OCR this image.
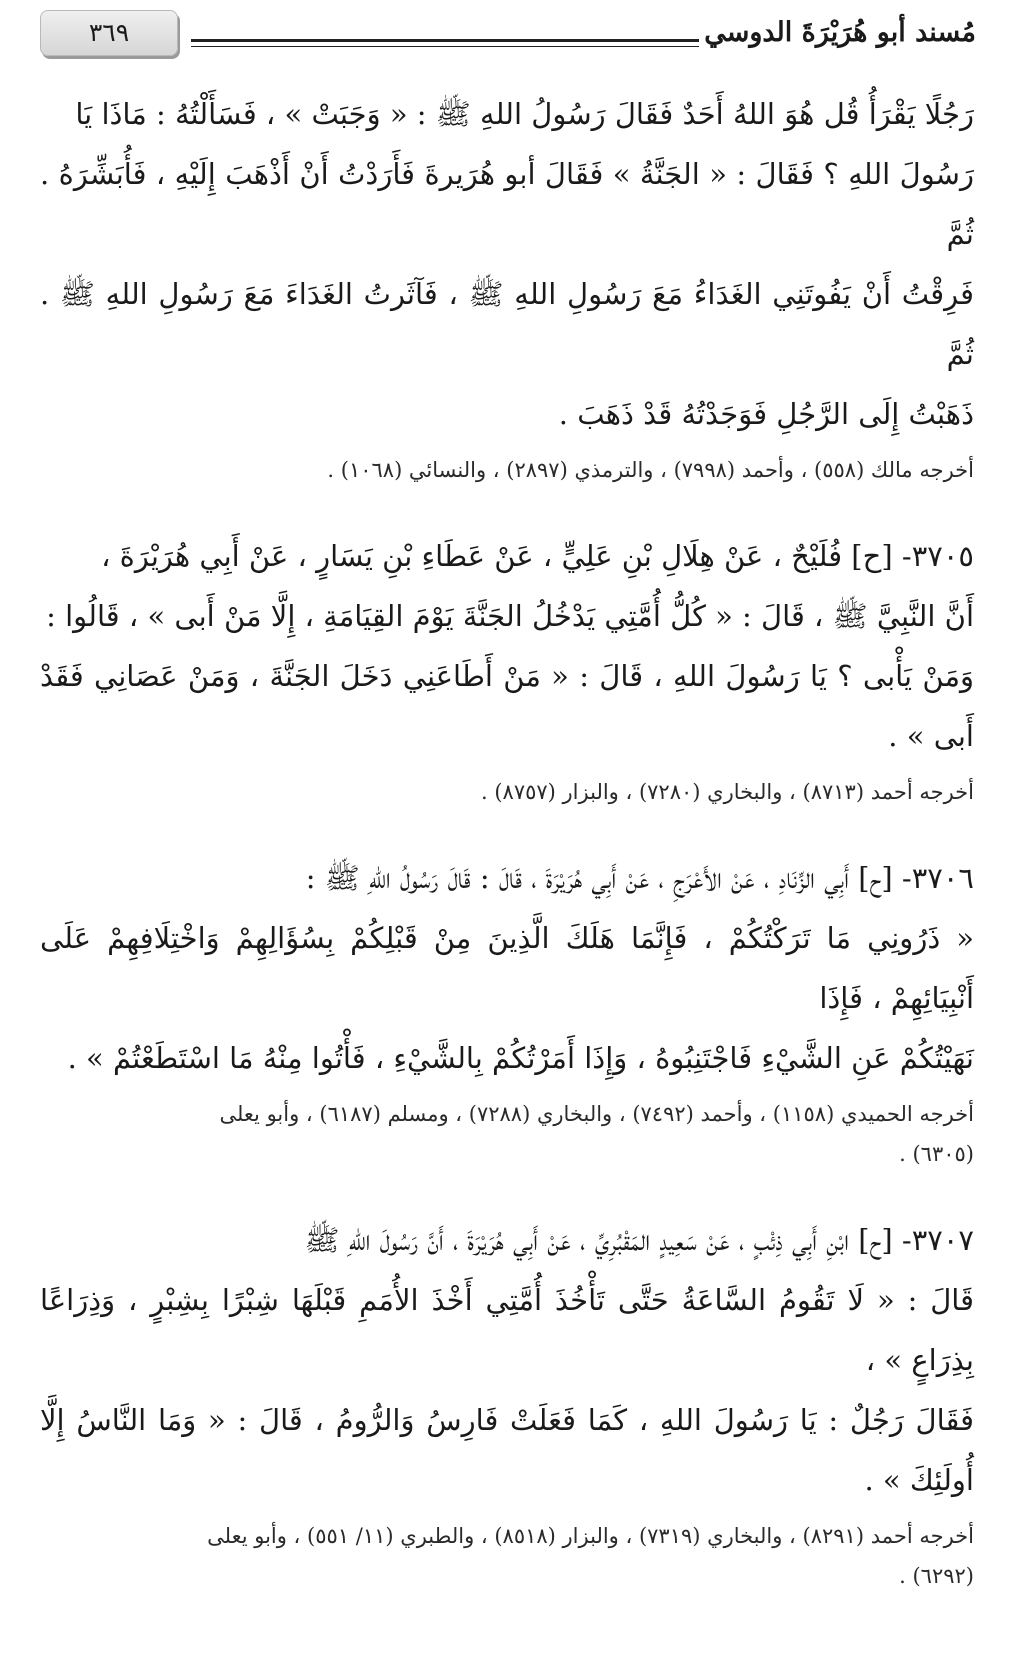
٣٦٩	مُسند أبو هُرَيْرَةَ الدوسي

رَجُلًا يَقْرَأُ قُل هُوَ اللهُ أَحَدٌ فَقَالَ رَسُولُ اللهِ ﷺ : « وَجَبَتْ » ، فَسَأَلْتُهُ : مَاذَا يَا
رَسُولَ اللهِ ؟ فَقَالَ : « الجَنَّةُ » فَقَالَ أبو هُرَيرةَ فَأَرَدْتُ أَنْ أَذْهَبَ إِلَيْهِ ، فَأُبَشِّرَهُ . ثُمَّ
فَرِقْتُ أَنْ يَفُوتَنِي الغَدَاءُ مَعَ رَسُولِ اللهِ ﷺ ، فَآثَرتُ الغَدَاءَ مَعَ رَسُولِ اللهِ ﷺ . ثُمَّ
ذَهَبْتُ إِلَى الرَّجُلِ فَوَجَدْتُهُ قَدْ ذَهَبَ .

أخرجه مالك (٥٥٨) ، وأحمد (٧٩٩٨) ، والترمذي (٢٨٩٧) ، والنسائي (١٠٦٨) .

٣٧٠٥- [ح] فُلَيْحٌ ، عَنْ هِلَالِ بْنِ عَلِيٍّ ، عَنْ عَطَاءِ بْنِ يَسَارٍ ، عَنْ أَبِي هُرَيْرَةَ ،
أَنَّ النَّبِيَّ ﷺ ، قَالَ : « كُلُّ أُمَّتِي يَدْخُلُ الجَنَّةَ يَوْمَ القِيَامَةِ ، إِلَّا مَنْ أَبى » ، قَالُوا :
وَمَنْ يَأْبى ؟ يَا رَسُولَ اللهِ ، قَالَ : « مَنْ أَطَاعَنِي دَخَلَ الجَنَّةَ ، وَمَنْ عَصَانِي فَقَدْ أَبى » .

أخرجه أحمد (٨٧١٣) ، والبخاري (٧٢٨٠) ، والبزار (٨٧٥٧) .

٣٧٠٦- [ح] أَبِي الزِّنَادِ ، عَنْ الأَعْرَجِ ، عَنْ أَبِي هُرَيْرَةَ ، قَالَ : قَالَ رَسُولُ اللهِ ﷺ :
« ذَرُونِي مَا تَرَكْتُكُمْ ، فَإِنَّمَا هَلَكَ الَّذِينَ مِنْ قَبْلِكُمْ بِسُؤَالِهِمْ وَاخْتِلَافِهِمْ عَلَى أَنْبِيَائِهِمْ ، فَإِذَا
نَهَيْتُكُمْ عَنِ الشَّيْءِ فَاجْتَنِبُوهُ ، وَإِذَا أَمَرْتُكُمْ بِالشَّيْءِ ، فَأْتُوا مِنْهُ مَا اسْتَطَعْتُمْ » .

أخرجه الحميدي (١١٥٨) ، وأحمد (٧٤٩٢) ، والبخاري (٧٢٨٨) ، ومسلم (٦١٨٧) ، وأبو يعلى
(٦٣٠٥) .

٣٧٠٧- [ح] ابْنِ أَبِي ذِئْبٍ ، عَنْ سَعِيدٍ المَقْبُرِيِّ ، عَنْ أَبِي هُرَيْرَةَ ، أَنَّ رَسُولَ اللهِ ﷺ
قَالَ : « لَا تَقُومُ السَّاعَةُ حَتَّى تَأْخُذَ أُمَّتِي أَخْذَ الأُمَمِ قَبْلَهَا شِبْرًا بِشِبْرٍ ، وَذِرَاعًا بِذِرَاعٍ » ،
فَقَالَ رَجُلٌ : يَا رَسُولَ اللهِ ، كَمَا فَعَلَتْ فَارِسُ وَالرُّومُ ، قَالَ : « وَمَا النَّاسُ إِلَّا أُولَئِكَ » .

أخرجه أحمد (٨٢٩١) ، والبخاري (٧٣١٩) ، والبزار (٨٥١٨) ، والطبري (١١/ ٥٥١) ، وأبو يعلى
(٦٢٩٢) .
